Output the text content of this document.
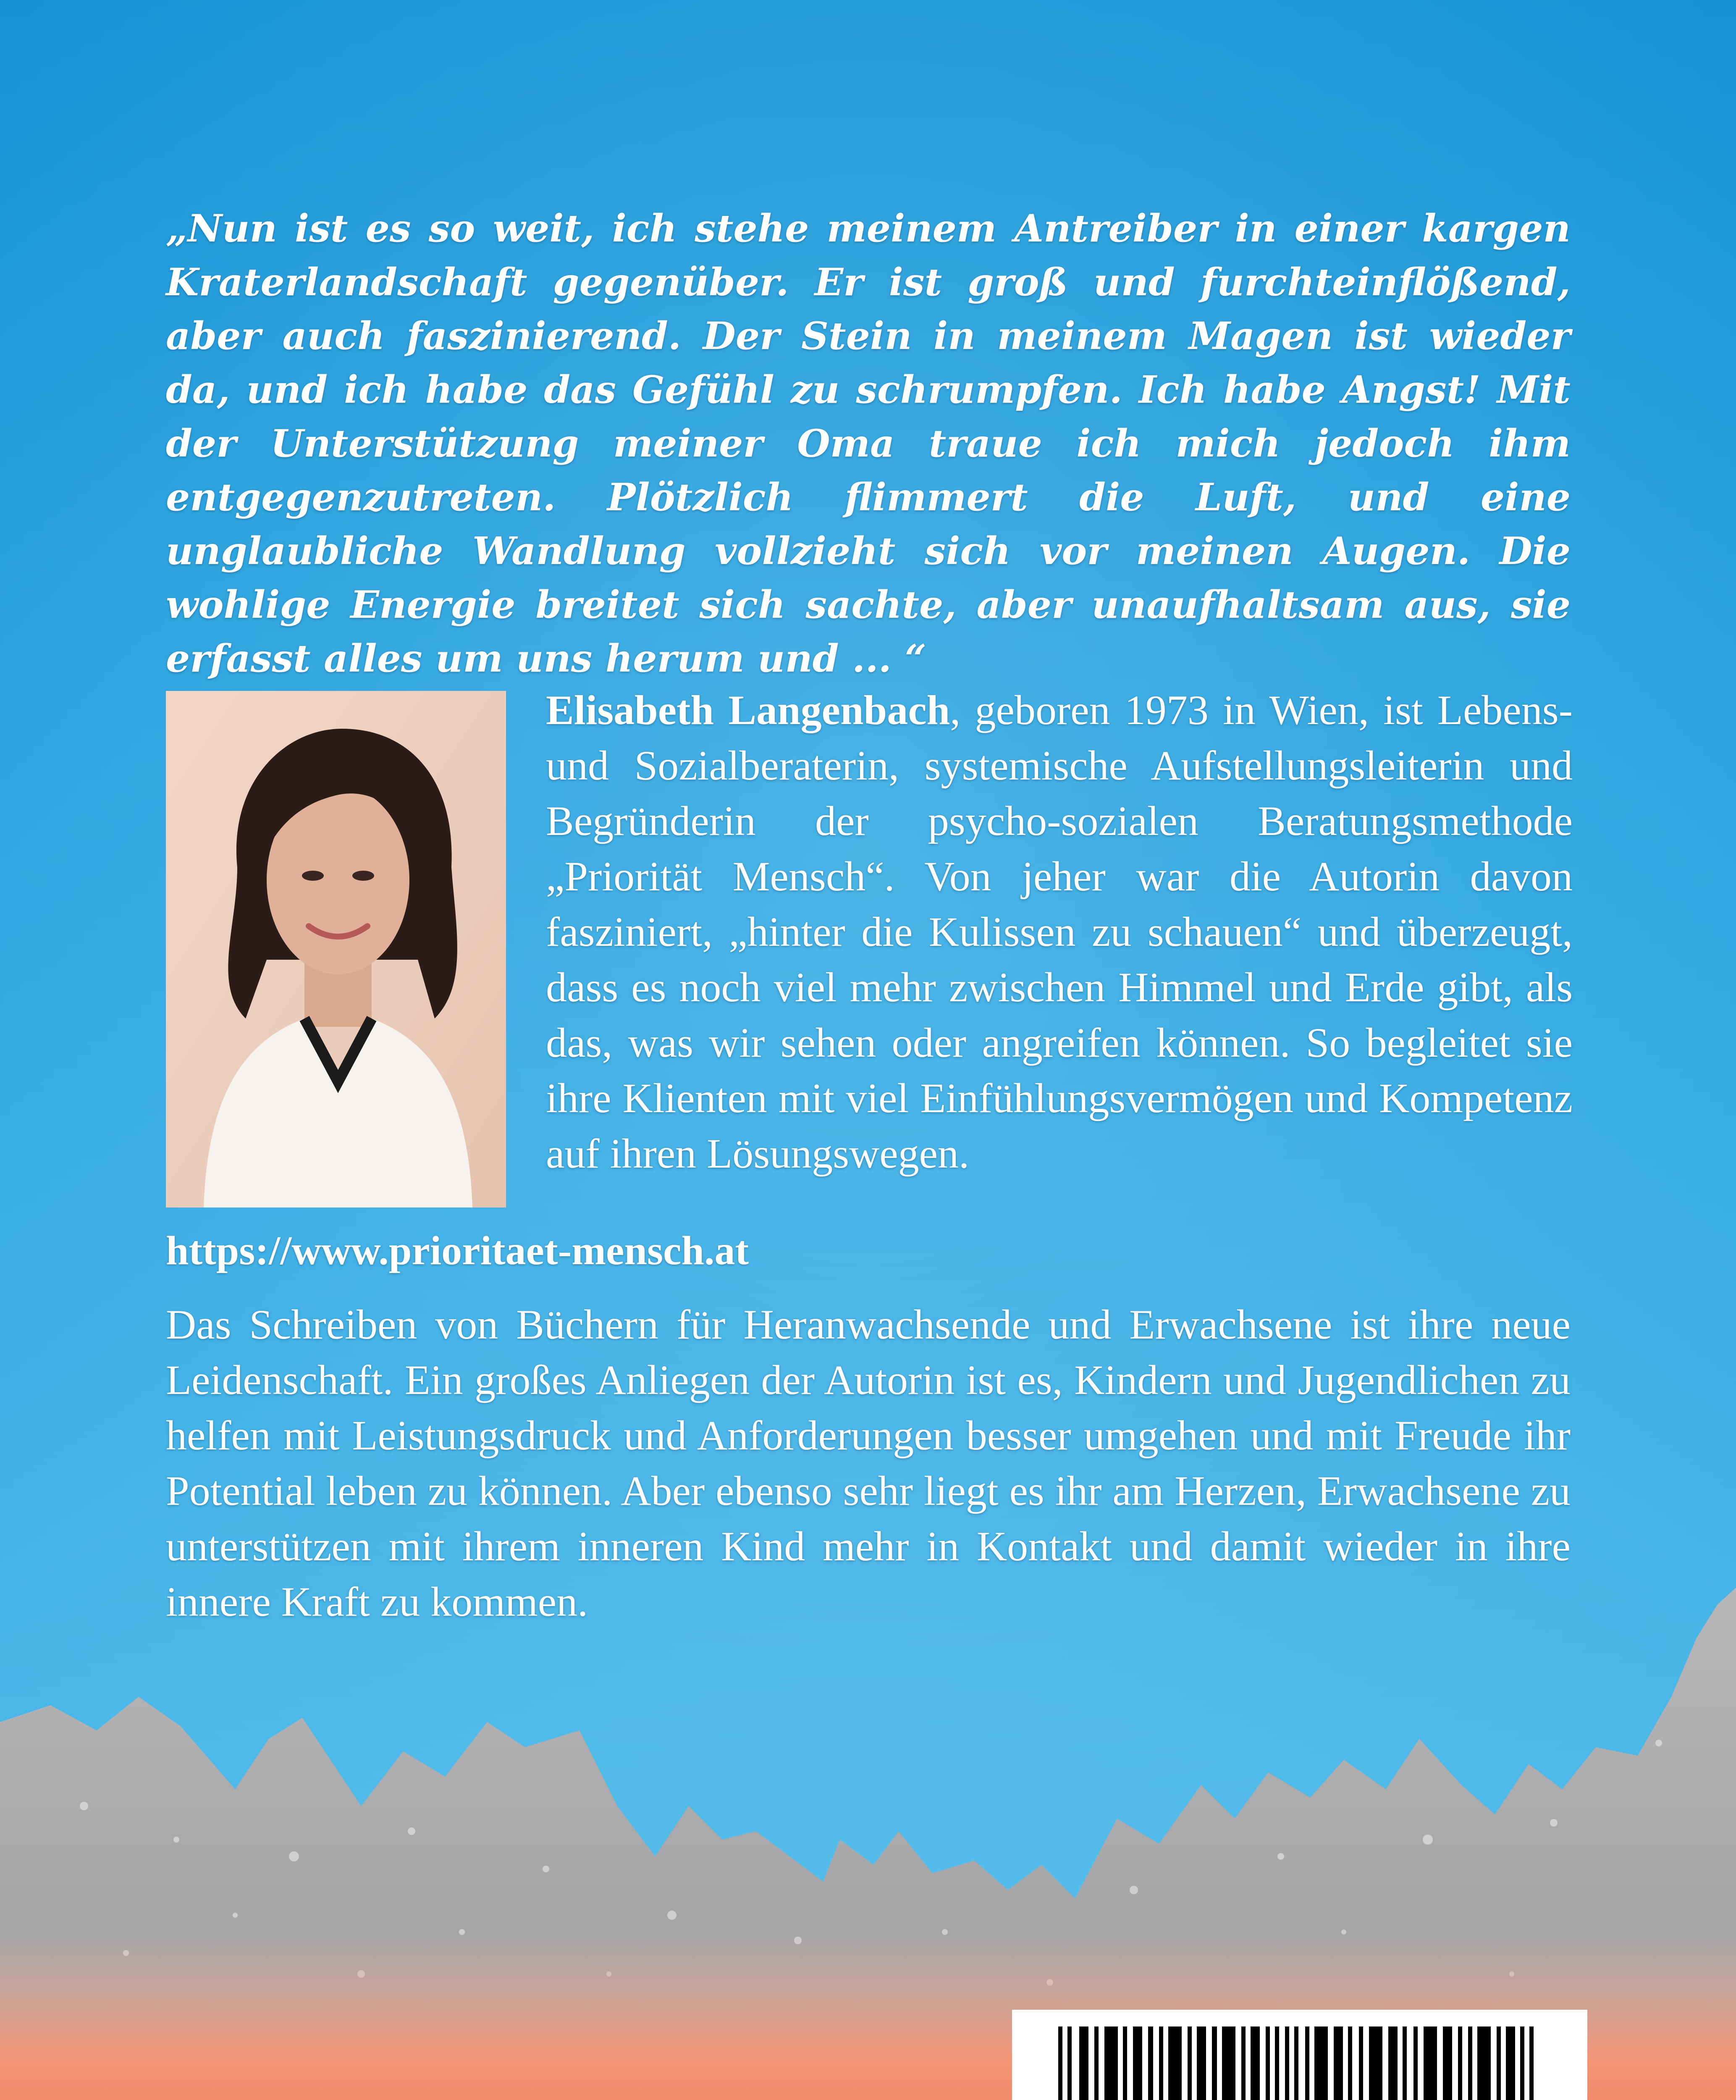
„Nun ist es so weit, ich stehe meinem Antreiber in einer kargen Kraterlandschaft gegenüber. Er ist groß und furchteinflößend, aber auch faszinierend. Der Stein in meinem Magen ist wieder da, und ich habe das Gefühl zu schrumpfen. Ich habe Angst! Mit der Unterstützung meiner Oma traue ich mich jedoch ihm entgegenzutreten. Plötzlich flimmert die Luft, und eine unglaubliche Wandlung vollzieht sich vor meinen Augen. Die wohlige Energie breitet sich sachte, aber unaufhaltsam aus, sie erfasst alles um uns herum und ... “
Elisabeth Langenbach, geboren 1973 in Wien, ist Lebens- und Sozialberaterin, systemische Aufstellungsleiterin und Begründerin der psycho-sozialen Beratungsmethode „Priorität Mensch“. Von jeher war die Autorin davon fasziniert, „hinter die Kulissen zu schauen“ und überzeugt, dass es noch viel mehr zwischen Himmel und Erde gibt, als das, was wir sehen oder angreifen können. So begleitet sie ihre Klienten mit viel Einfühlungsvermögen und Kompetenz auf ihren Lösungswegen.
https://www.prioritaet-mensch.at
Das Schreiben von Büchern für Heranwachsende und Erwachsene ist ihre neue Leidenschaft. Ein großes Anliegen der Autorin ist es, Kindern und Jugendlichen zu helfen mit Leistungsdruck und Anforderungen besser umgehen und mit Freude ihr Potential leben zu können. Aber ebenso sehr liegt es ihr am Herzen, Erwachsene zu unterstützen mit ihrem inneren Kind mehr in Kontakt und damit wieder in ihre innere Kraft zu kommen.
